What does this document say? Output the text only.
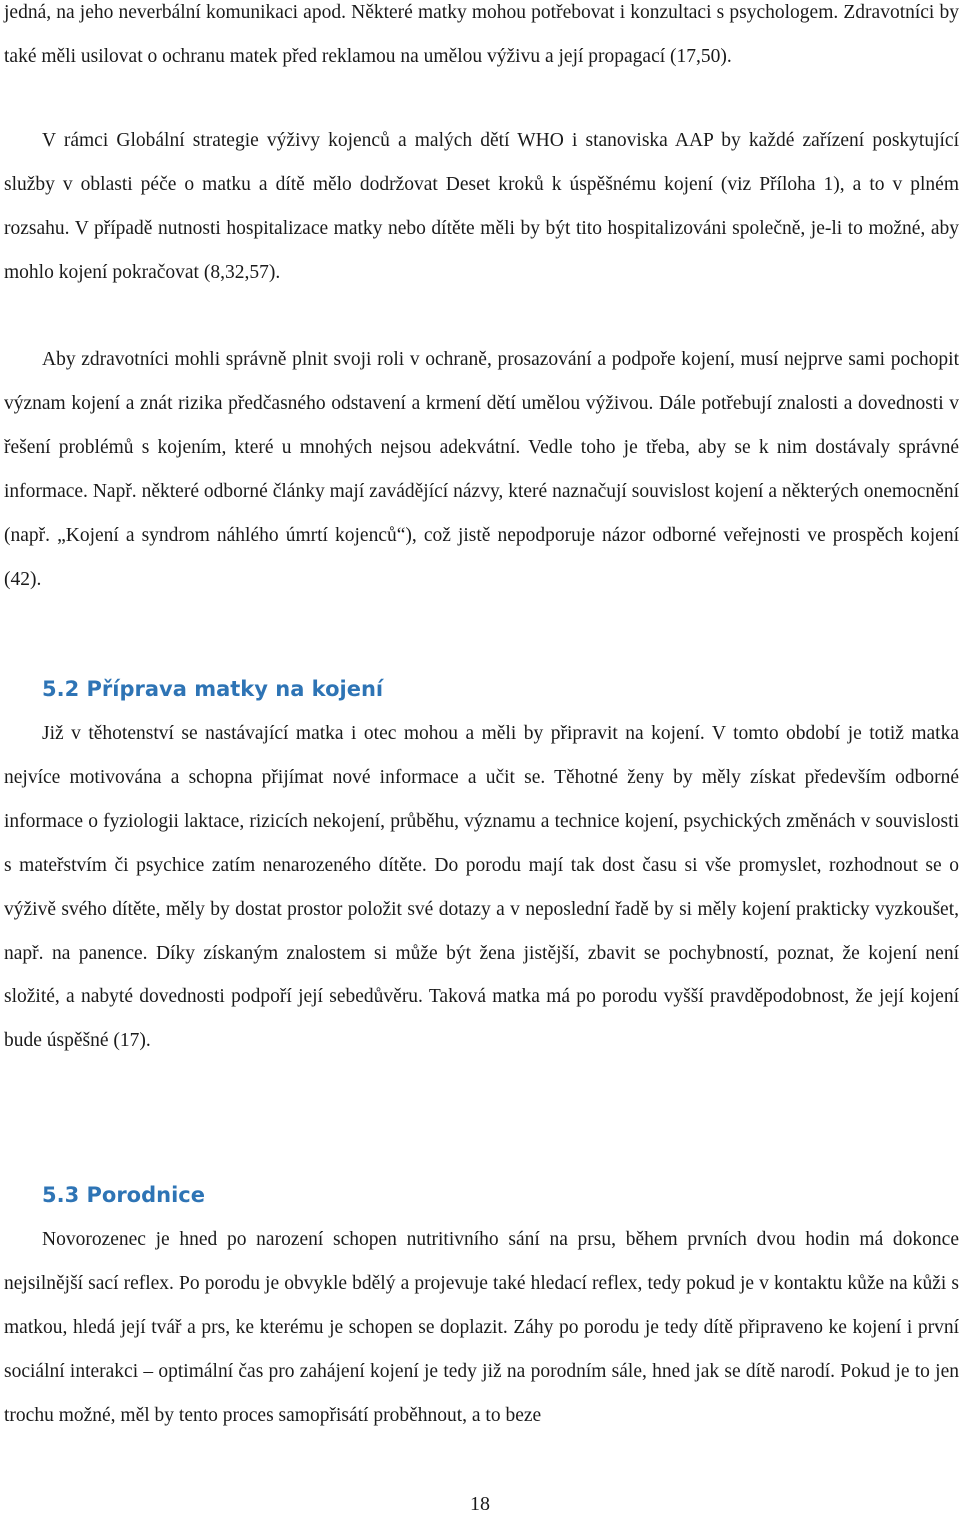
jedná, na jeho neverbální komunikaci apod. Některé matky mohou potřebovat i konzultaci s psychologem. Zdravotníci by také měli usilovat o ochranu matek před reklamou na umělou výživu a její propagací (17,50).

V rámci Globální strategie výživy kojenců a malých dětí WHO i stanoviska AAP by každé zařízení poskytující služby v oblasti péče o matku a dítě mělo dodržovat Deset kroků k úspěšnému kojení (viz Příloha 1), a to v plném rozsahu. V případě nutnosti hospitalizace matky nebo dítěte měli by být tito hospitalizováni společně, je-li to možné, aby mohlo kojení pokračovat (8,32,57).

Aby zdravotníci mohli správně plnit svoji roli v ochraně, prosazování a podpoře kojení, musí nejprve sami pochopit význam kojení a znát rizika předčasného odstavení a krmení dětí umělou výživou. Dále potřebují znalosti a dovednosti v řešení problémů s kojením, které u mnohých nejsou adekvátní. Vedle toho je třeba, aby se k nim dostávaly správné informace. Např. některé odborné články mají zavádějící názvy, které naznačují souvislost kojení a některých onemocnění (např. „Kojení a syndrom náhlého úmrtí kojenců“), což jistě nepodporuje názor odborné veřejnosti ve prospěch kojení (42).

5.2 Příprava matky na kojení

Již v těhotenství se nastávající matka i otec mohou a měli by připravit na kojení. V tomto období je totiž matka nejvíce motivována a schopna přijímat nové informace a učit se. Těhotné ženy by měly získat především odborné informace o fyziologii laktace, rizicích nekojení, průběhu, významu a technice kojení, psychických změnách v souvislosti s mateřstvím či psychice zatím nenarozeného dítěte. Do porodu mají tak dost času si vše promyslet, rozhodnout se o výživě svého dítěte, měly by dostat prostor položit své dotazy a v neposlední řadě by si měly kojení prakticky vyzkoušet, např. na panence. Díky získaným znalostem si může být žena jistější, zbavit se pochybností, poznat, že kojení není složité, a nabyté dovednosti podpoří její sebedůvěru. Taková matka má po porodu vyšší pravděpodobnost, že její kojení bude úspěšné (17).

5.3 Porodnice

Novorozenec je hned po narození schopen nutritivního sání na prsu, během prvních dvou hodin má dokonce nejsilnější sací reflex. Po porodu je obvykle bdělý a projevuje také hledací reflex, tedy pokud je v kontaktu kůže na kůži s matkou, hledá její tvář a prs, ke kterému je schopen se doplazit. Záhy po porodu je tedy dítě připraveno ke kojení i první sociální interakci – optimální čas pro zahájení kojení je tedy již na porodním sále, hned jak se dítě narodí. Pokud je to jen trochu možné, měl by tento proces samopřisátí proběhnout, a to beze

18
